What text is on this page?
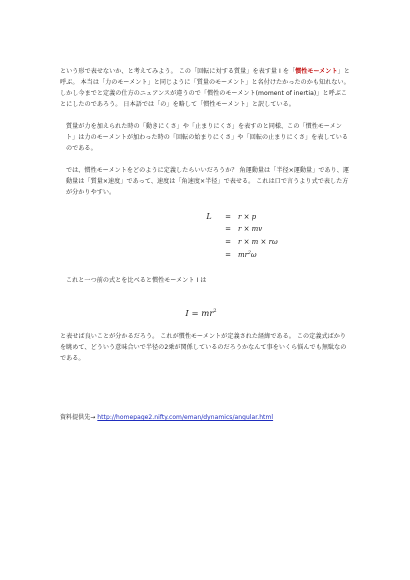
という形で表せないか、と考えてみよう。 この「回転に対する質量」を表す量 I を「慣性モーメント」と呼ぶ。 本当は「力のモーメント」と同じように「質量のモーメント」と名付けたかったのかも知れない。しかし今までと定義の仕方のニュアンスが違うので「慣性のモーメント(moment of inertia)」と呼ぶことにしたのであろう。 日本語では「の」を略して「慣性モーメント」と訳している。

質量が力を加えられた時の「動きにくさ」や「止まりにくさ」を表すのと同様、この「慣性モーメント」は力のモーメントが加わった時の「回転の始まりにくさ」や「回転の止まりにくさ」を表しているのである。

では、慣性モーメントをどのように定義したらいいだろうか？ 角運動量は「半径×運動量」であり、運動量は「質量×速度」であって、速度は「角速度×半径」で表せる。 これは口で言うより式で表した方が分かりやすい。

L	=	r × p
=	r × mv
=	r × m × rω
=	$mr^2\omega$

これと一つ前の式とを比べると慣性モーメント I は

$I = mr^2$

と表せば良いことが分かるだろう。 これが慣性モーメントが定義された経緯である。 この定義式ばかりを眺めて、どういう意味合いで半径の2乗が関係しているのだろうかなんて事をいくら悩んでも無駄なのである。

資料提供先→ http://homepage2.nifty.com/eman/dynamics/angular.html
